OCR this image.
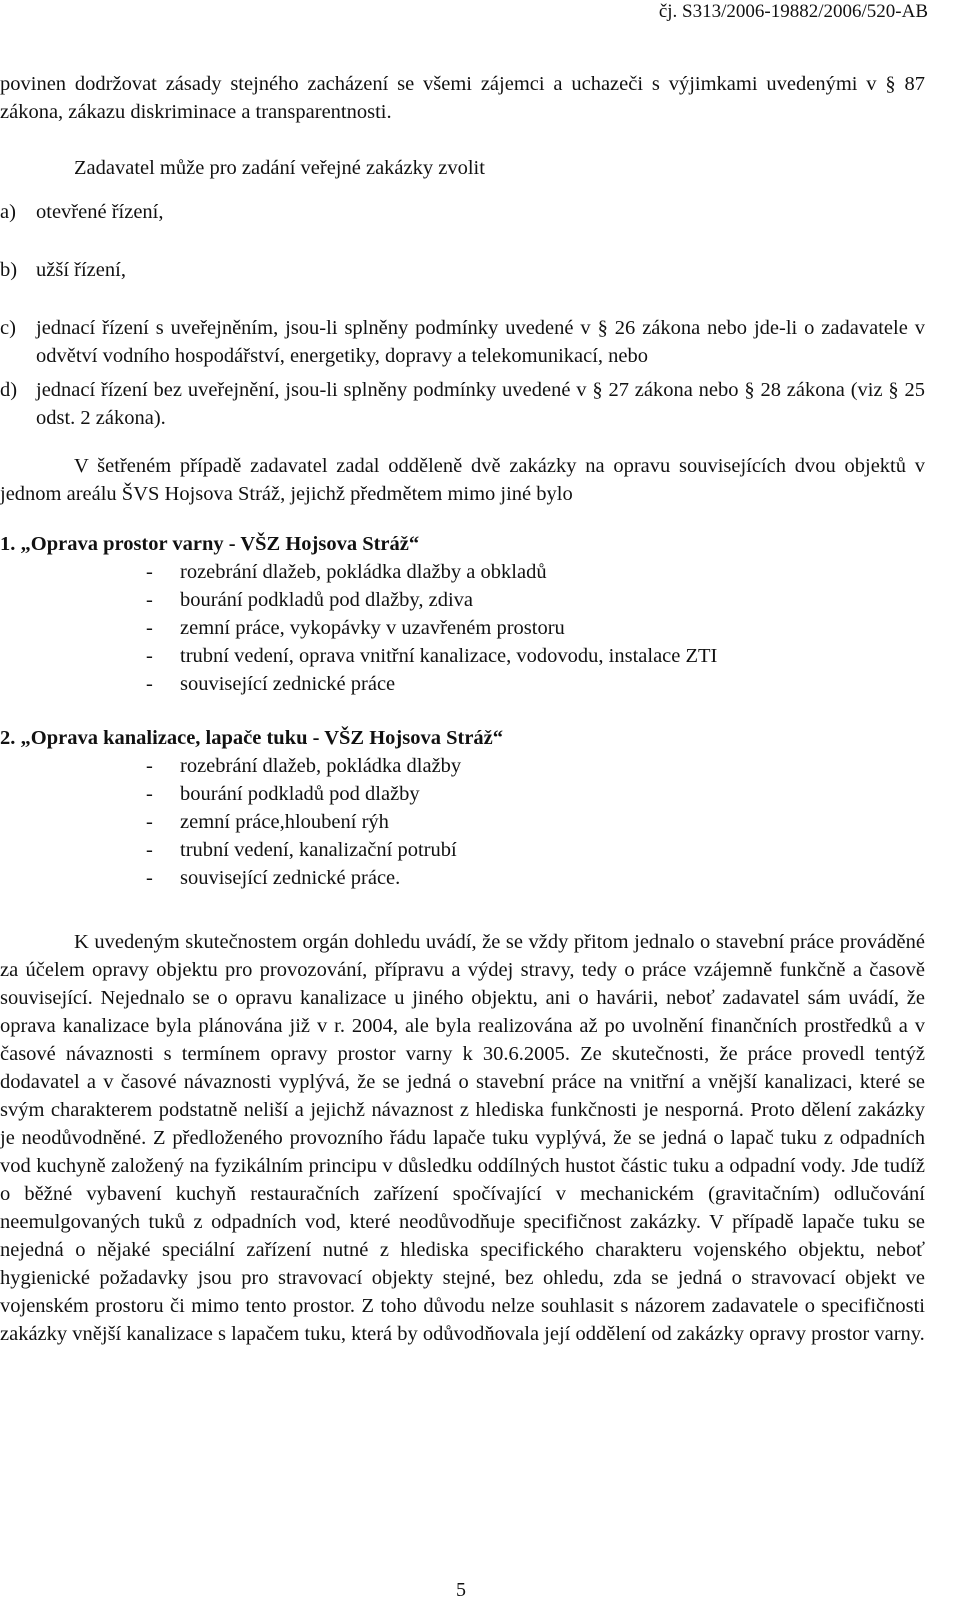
čj. S313/2006-19882/2006/520-AB

povinen dodržovat zásady stejného zacházení se všemi zájemci a uchazeči s výjimkami uvedenými v § 87 zákona, zákazu diskriminace a transparentnosti.

Zadavatel může pro zadání veřejné zakázky zvolit

a) otevřené řízení,
b) užší řízení,
c) jednací řízení s uveřejněním, jsou-li splněny podmínky uvedené v § 26 zákona nebo jde-li o zadavatele v odvětví vodního hospodářství, energetiky, dopravy a telekomunikací, nebo
d) jednací řízení bez uveřejnění, jsou-li splněny podmínky uvedené v § 27 zákona nebo § 28 zákona (viz § 25 odst. 2 zákona).

V šetřeném případě zadavatel zadal odděleně dvě zakázky na opravu souvisejících dvou objektů v jednom areálu ŠVS Hojsova Stráž, jejichž předmětem mimo jiné bylo

1. „Oprava prostor varny - VŠZ Hojsova Stráž“

-	rozebrání dlažeb, pokládka dlažby a obkladů
-	bourání podkladů pod dlažby, zdiva
-	zemní práce, vykopávky v uzavřeném prostoru
-	trubní vedení, oprava vnitřní kanalizace, vodovodu, instalace ZTI
-	související zednické práce

2. „Oprava kanalizace, lapače tuku - VŠZ Hojsova Stráž“

-	rozebrání dlažeb, pokládka dlažby
-	bourání podkladů pod dlažby
-	zemní práce,hloubení rýh
-	trubní vedení, kanalizační potrubí
-	související zednické práce.

K uvedeným skutečnostem orgán dohledu uvádí, že se vždy přitom jednalo o stavební práce prováděné za účelem opravy objektu pro provozování, přípravu a výdej stravy, tedy o práce vzájemně funkčně a časově související. Nejednalo se o opravu kanalizace u jiného objektu, ani o havárii, neboť zadavatel sám uvádí, že oprava kanalizace byla plánována již v r. 2004, ale byla realizována až po uvolnění finančních prostředků a v časové návaznosti s termínem opravy prostor varny k 30.6.2005. Ze skutečnosti, že práce provedl tentýž dodavatel a v časové návaznosti vyplývá, že se jedná o stavební práce na vnitřní a vnější kanalizaci, které se svým charakterem podstatně neliší a jejichž návaznost z hlediska funkčnosti je nesporná. Proto dělení zakázky je neodůvodněné. Z předloženého provozního řádu lapače tuku vyplývá, že se jedná o lapač tuku z odpadních vod kuchyně založený na fyzikálním principu v důsledku oddílných hustot částic tuku a odpadní vody. Jde tudíž o běžné vybavení kuchyň restauračních zařízení spočívající v mechanickém (gravitačním) odlučování neemulgovaných tuků z odpadních vod, které neodůvodňuje specifičnost zakázky. V případě lapače tuku se nejedná o nějaké speciální zařízení nutné z hlediska specifického charakteru vojenského objektu, neboť hygienické požadavky jsou pro stravovací objekty stejné, bez ohledu, zda se jedná o stravovací objekt ve vojenském prostoru či mimo tento prostor. Z toho důvodu nelze souhlasit s názorem zadavatele o specifičnosti zakázky vnější kanalizace s lapačem tuku, která by odůvodňovala její oddělení od zakázky opravy prostor varny.

5
